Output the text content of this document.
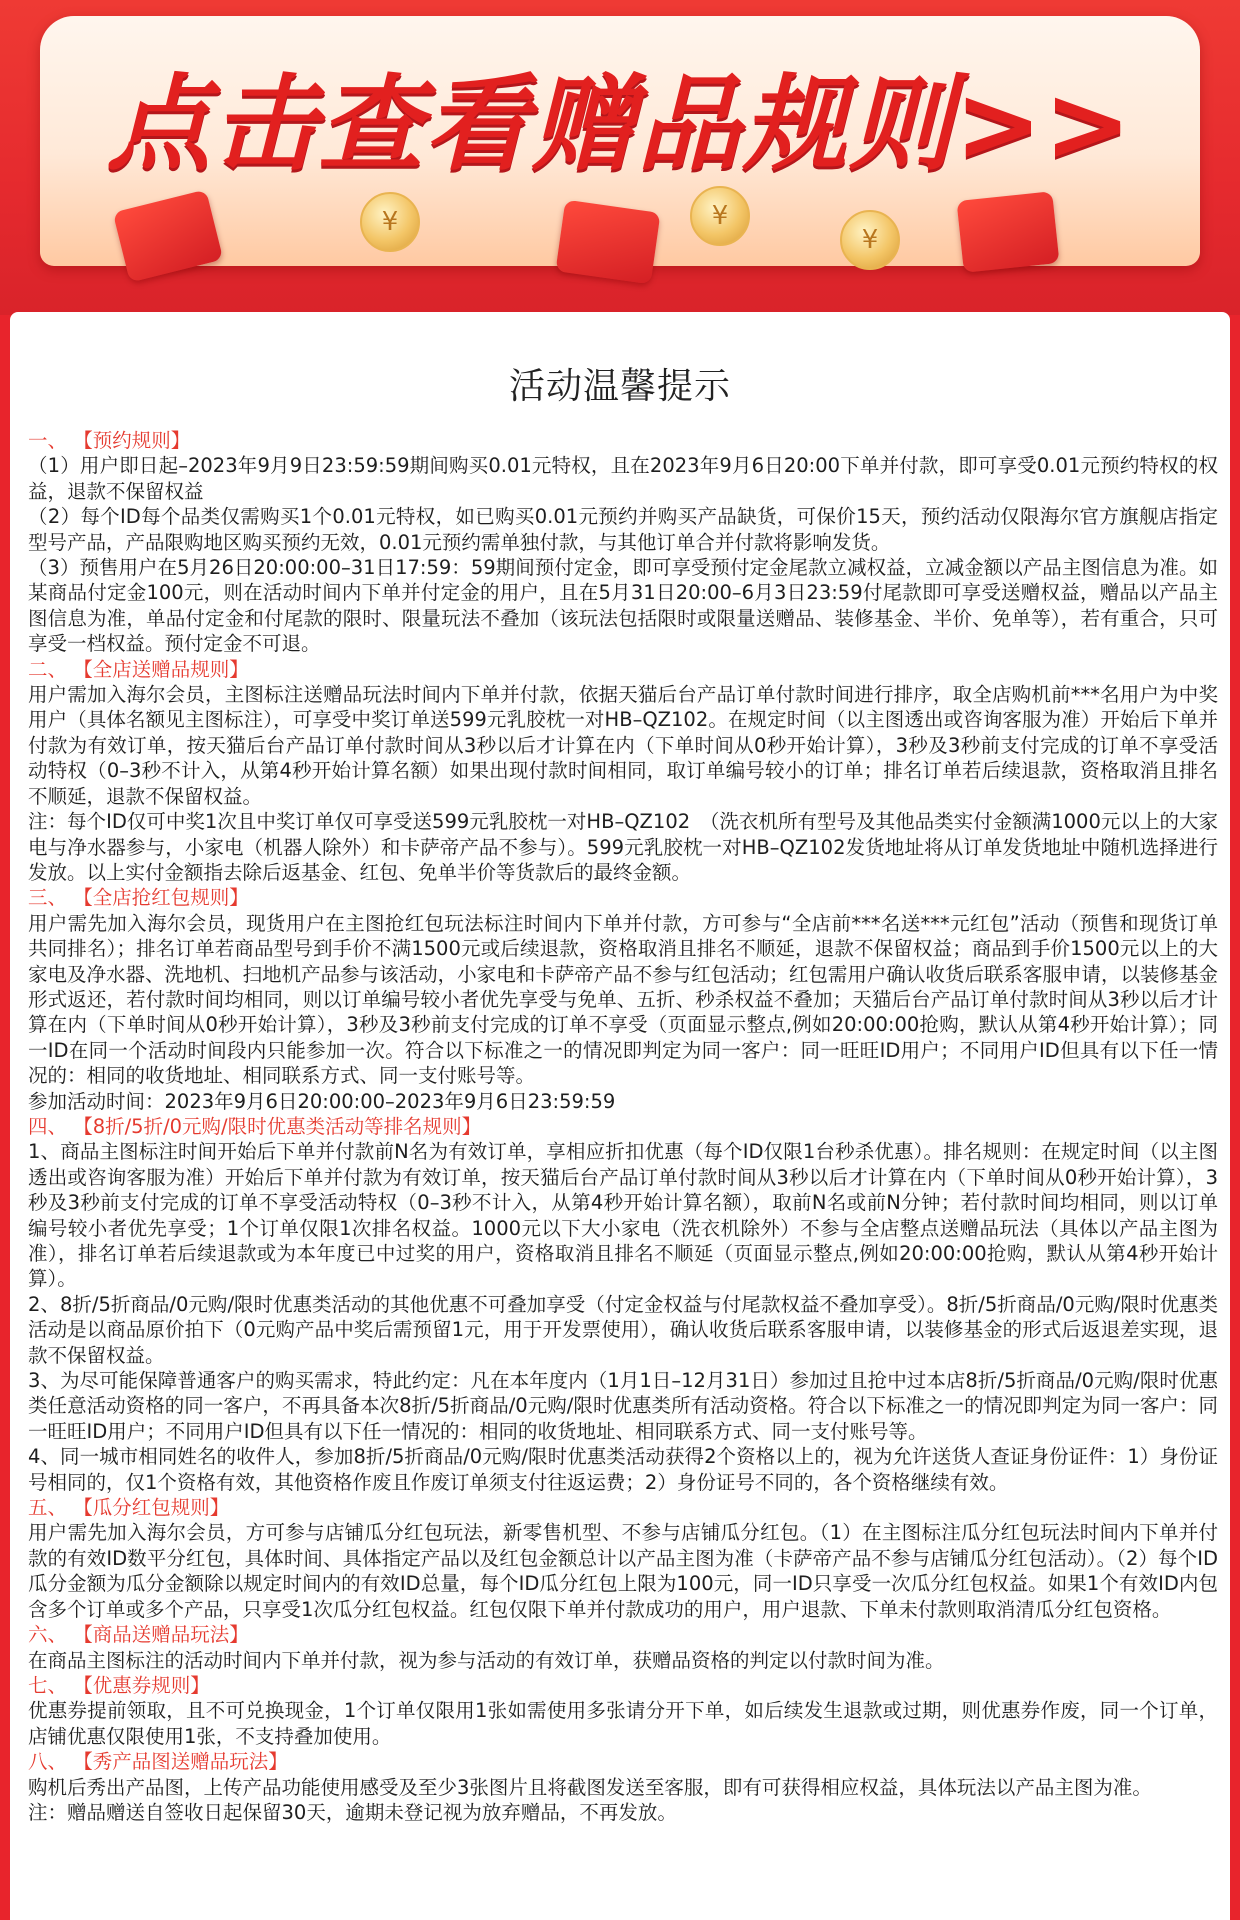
¥	¥
¥
点击查看赠品规则>>
活动温馨提示
一、 【预约规则】

（1）用户即日起–2023年9月9日23:59:59期间购买0.01元特权，且在2023年9月6日20:00下单并付款，即可享受0.01元预约特权的权益，退款不保留权益

（2）每个ID每个品类仅需购买1个0.01元特权，如已购买0.01元预约并购买产品缺货，可保价15天，预约活动仅限海尔官方旗舰店指定型号产品，产品限购地区购买预约无效，0.01元预约需单独付款，与其他订单合并付款将影响发货。

（3）预售用户在5月26日20:00:00–31日17:59：59期间预付定金，即可享受预付定金尾款立减权益，立减金额以产品主图信息为准。如某商品付定金100元，则在活动时间内下单并付定金的用户，且在5月31日20:00–6月3日23:59付尾款即可享受送赠权益，赠品以产品主图信息为准，单品付定金和付尾款的限时、限量玩法不叠加（该玩法包括限时或限量送赠品、装修基金、半价、免单等），若有重合，只可享受一档权益。预付定金不可退。

二、 【全店送赠品规则】

用户需加入海尔会员，主图标注送赠品玩法时间内下单并付款，依据天猫后台产品订单付款时间进行排序，取全店购机前***名用户为中奖用户（具体名额见主图标注），可享受中奖订单送599元乳胶枕一对HB–QZ102。在规定时间（以主图透出或咨询客服为准）开始后下单并付款为有效订单，按天猫后台产品订单付款时间从3秒以后才计算在内（下单时间从0秒开始计算），3秒及3秒前支付完成的订单不享受活动特权（0–3秒不计入，从第4秒开始计算名额）如果出现付款时间相同，取订单编号较小的订单；排名订单若后续退款，资格取消且排名不顺延，退款不保留权益。

注：每个ID仅可中奖1次且中奖订单仅可享受送599元乳胶枕一对HB–QZ102　（洗衣机所有型号及其他品类实付金额满1000元以上的大家电与净水器参与，小家电（机器人除外）和卡萨帝产品不参与）。599元乳胶枕一对HB–QZ102发货地址将从订单发货地址中随机选择进行发放。以上实付金额指去除后返基金、红包、免单半价等货款后的最终金额。

三、 【全店抢红包规则】

用户需先加入海尔会员，现货用户在主图抢红包玩法标注时间内下单并付款，方可参与“全店前***名送***元红包”活动（预售和现货订单共同排名）；排名订单若商品型号到手价不满1500元或后续退款，资格取消且排名不顺延，退款不保留权益；商品到手价1500元以上的大家电及净水器、洗地机、扫地机产品参与该活动，小家电和卡萨帝产品不参与红包活动；红包需用户确认收货后联系客服申请，以装修基金形式返还，若付款时间均相同，则以订单编号较小者优先享受与免单、五折、秒杀权益不叠加；天猫后台产品订单付款时间从3秒以后才计算在内（下单时间从0秒开始计算），3秒及3秒前支付完成的订单不享受（页面显示整点,例如20:00:00抢购，默认从第4秒开始计算）；同一ID在同一个活动时间段内只能参加一次。符合以下标准之一的情况即判定为同一客户：同一旺旺ID用户；不同用户ID但具有以下任一情况的：相同的收货地址、相同联系方式、同一支付账号等。

参加活动时间：2023年9月6日20:00:00–2023年9月6日23:59:59

四、 【8折/5折/0元购/限时优惠类活动等排名规则】

1、商品主图标注时间开始后下单并付款前N名为有效订单，享相应折扣优惠（每个ID仅限1台秒杀优惠）。排名规则：在规定时间（以主图透出或咨询客服为准）开始后下单并付款为有效订单，按天猫后台产品订单付款时间从3秒以后才计算在内（下单时间从0秒开始计算），3秒及3秒前支付完成的订单不享受活动特权（0–3秒不计入，从第4秒开始计算名额），取前N名或前N分钟；若付款时间均相同，则以订单编号较小者优先享受；1个订单仅限1次排名权益。1000元以下大小家电（洗衣机除外）不参与全店整点送赠品玩法（具体以产品主图为准），排名订单若后续退款或为本年度已中过奖的用户，资格取消且排名不顺延（页面显示整点,例如20:00:00抢购，默认从第4秒开始计算）。

2、8折/5折商品/0元购/限时优惠类活动的其他优惠不可叠加享受（付定金权益与付尾款权益不叠加享受）。8折/5折商品/0元购/限时优惠类活动是以商品原价拍下（0元购产品中奖后需预留1元，用于开发票使用），确认收货后联系客服申请，以装修基金的形式后返退差实现，退款不保留权益。

3、为尽可能保障普通客户的购买需求，特此约定：凡在本年度内（1月1日–12月31日）参加过且抢中过本店8折/5折商品/0元购/限时优惠类任意活动资格的同一客户，不再具备本次8折/5折商品/0元购/限时优惠类所有活动资格。符合以下标准之一的情况即判定为同一客户：同一旺旺ID用户；不同用户ID但具有以下任一情况的：相同的收货地址、相同联系方式、同一支付账号等。

4、同一城市相同姓名的收件人，参加8折/5折商品/0元购/限时优惠类活动获得2个资格以上的，视为允许送货人查证身份证件：1）身份证号相同的，仅1个资格有效，其他资格作废且作废订单须支付往返运费；2）身份证号不同的，各个资格继续有效。

五、 【瓜分红包规则】

用户需先加入海尔会员，方可参与店铺瓜分红包玩法，新零售机型、不参与店铺瓜分红包。（1）在主图标注瓜分红包玩法时间内下单并付款的有效ID数平分红包，具体时间、具体指定产品以及红包金额总计以产品主图为准（卡萨帝产品不参与店铺瓜分红包活动）。（2）每个ID瓜分金额为瓜分金额除以规定时间内的有效ID总量，每个ID瓜分红包上限为100元，同一ID只享受一次瓜分红包权益。如果1个有效ID内包含多个订单或多个产品，只享受1次瓜分红包权益。红包仅限下单并付款成功的用户，用户退款、下单未付款则取消清瓜分红包资格。

六、 【商品送赠品玩法】

在商品主图标注的活动时间内下单并付款，视为参与活动的有效订单，获赠品资格的判定以付款时间为准。

七、 【优惠券规则】

优惠券提前领取，且不可兑换现金，1个订单仅限用1张如需使用多张请分开下单，如后续发生退款或过期，则优惠券作废，同一个订单，店铺优惠仅限使用1张，不支持叠加使用。

八、 【秀产品图送赠品玩法】

购机后秀出产品图，上传产品功能使用感受及至少3张图片且将截图发送至客服，即有可获得相应权益，具体玩法以产品主图为准。

注：赠品赠送自签收日起保留30天，逾期未登记视为放弃赠品，不再发放。
